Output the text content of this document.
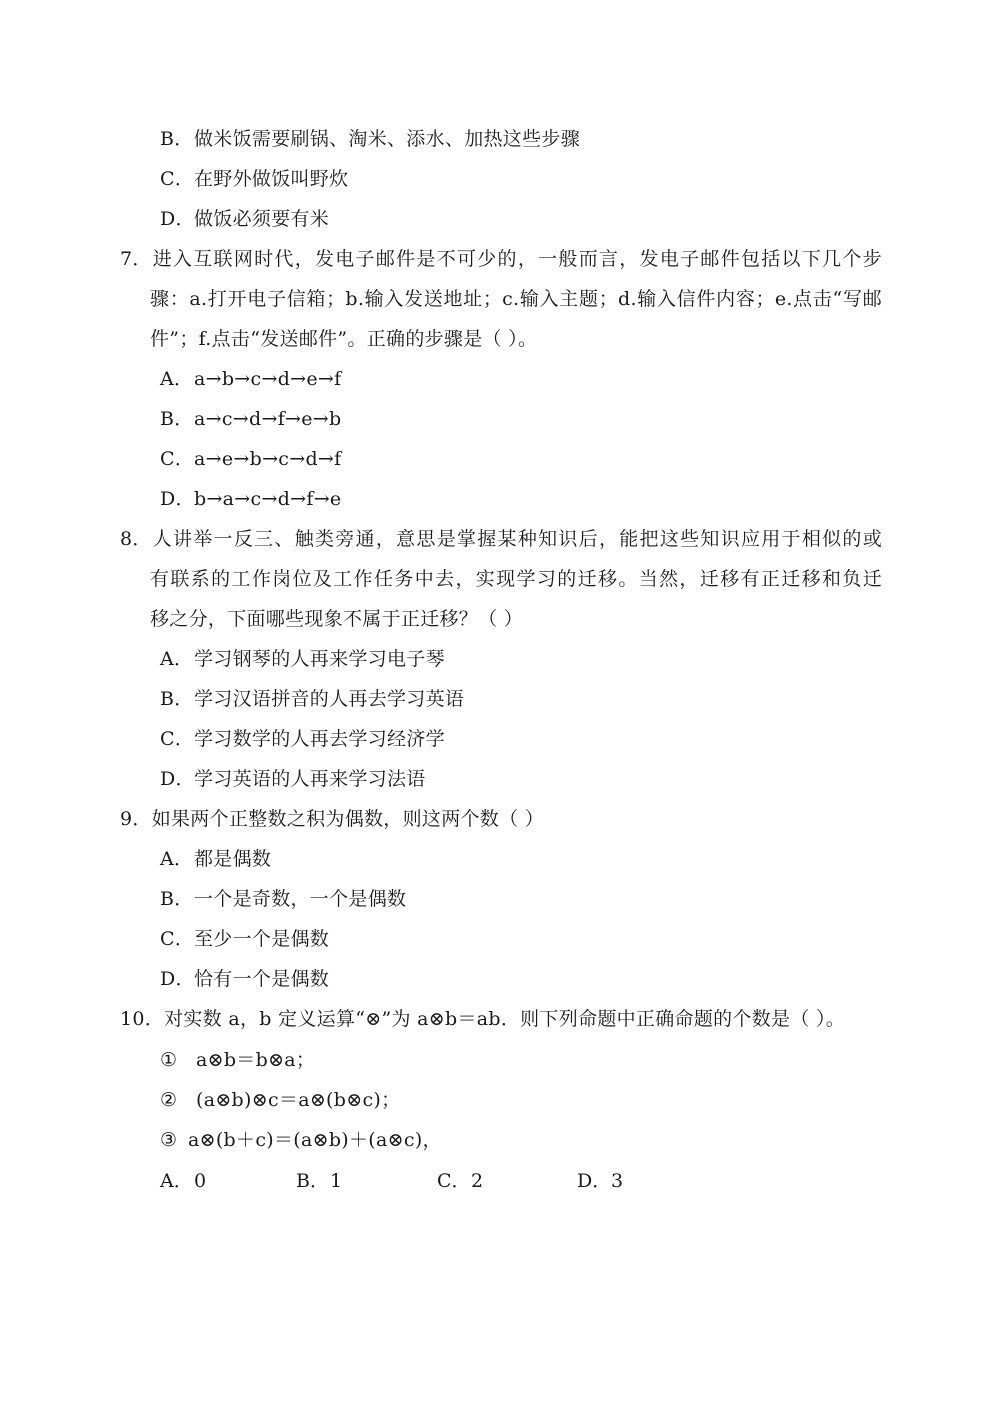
B．做米饭需要刷锅、淘米、添水、加热这些步骤
C．在野外做饭叫野炊
D．做饭必须要有米
7．进入互联网时代，发电子邮件是不可少的，一般而言，发电子邮件包括以下几个步
骤：a.打开电子信箱；b.输入发送地址；c.输入主题；d.输入信件内容；e.点击“写邮
件”；f.点击“发送邮件”。正确的步骤是（ ）。
A．a→b→c→d→e→f
B．a→c→d→f→e→b
C．a→e→b→c→d→f
D．b→a→c→d→f→e
8．人讲举一反三、触类旁通，意思是掌握某种知识后，能把这些知识应用于相似的或
有联系的工作岗位及工作任务中去，实现学习的迁移。当然，迁移有正迁移和负迁
移之分，下面哪些现象不属于正迁移？（ ）
A．学习钢琴的人再来学习电子琴
B．学习汉语拼音的人再去学习英语
C．学习数学的人再去学习经济学
D．学习英语的人再来学习法语
9．如果两个正整数之积为偶数，则这两个数（ ）
A．都是偶数
B．一个是奇数，一个是偶数
C．至少一个是偶数
D．恰有一个是偶数
10．对实数 a，b 定义运算“⊗”为 a⊗b＝ab．则下列命题中正确命题的个数是（ ）。
① a⊗b＝b⊗a；
② (a⊗b)⊗c＝a⊗(b⊗c)；
③ a⊗(b＋c)＝(a⊗b)＋(a⊗c)，
A．0	B．1	C．2	D．3
